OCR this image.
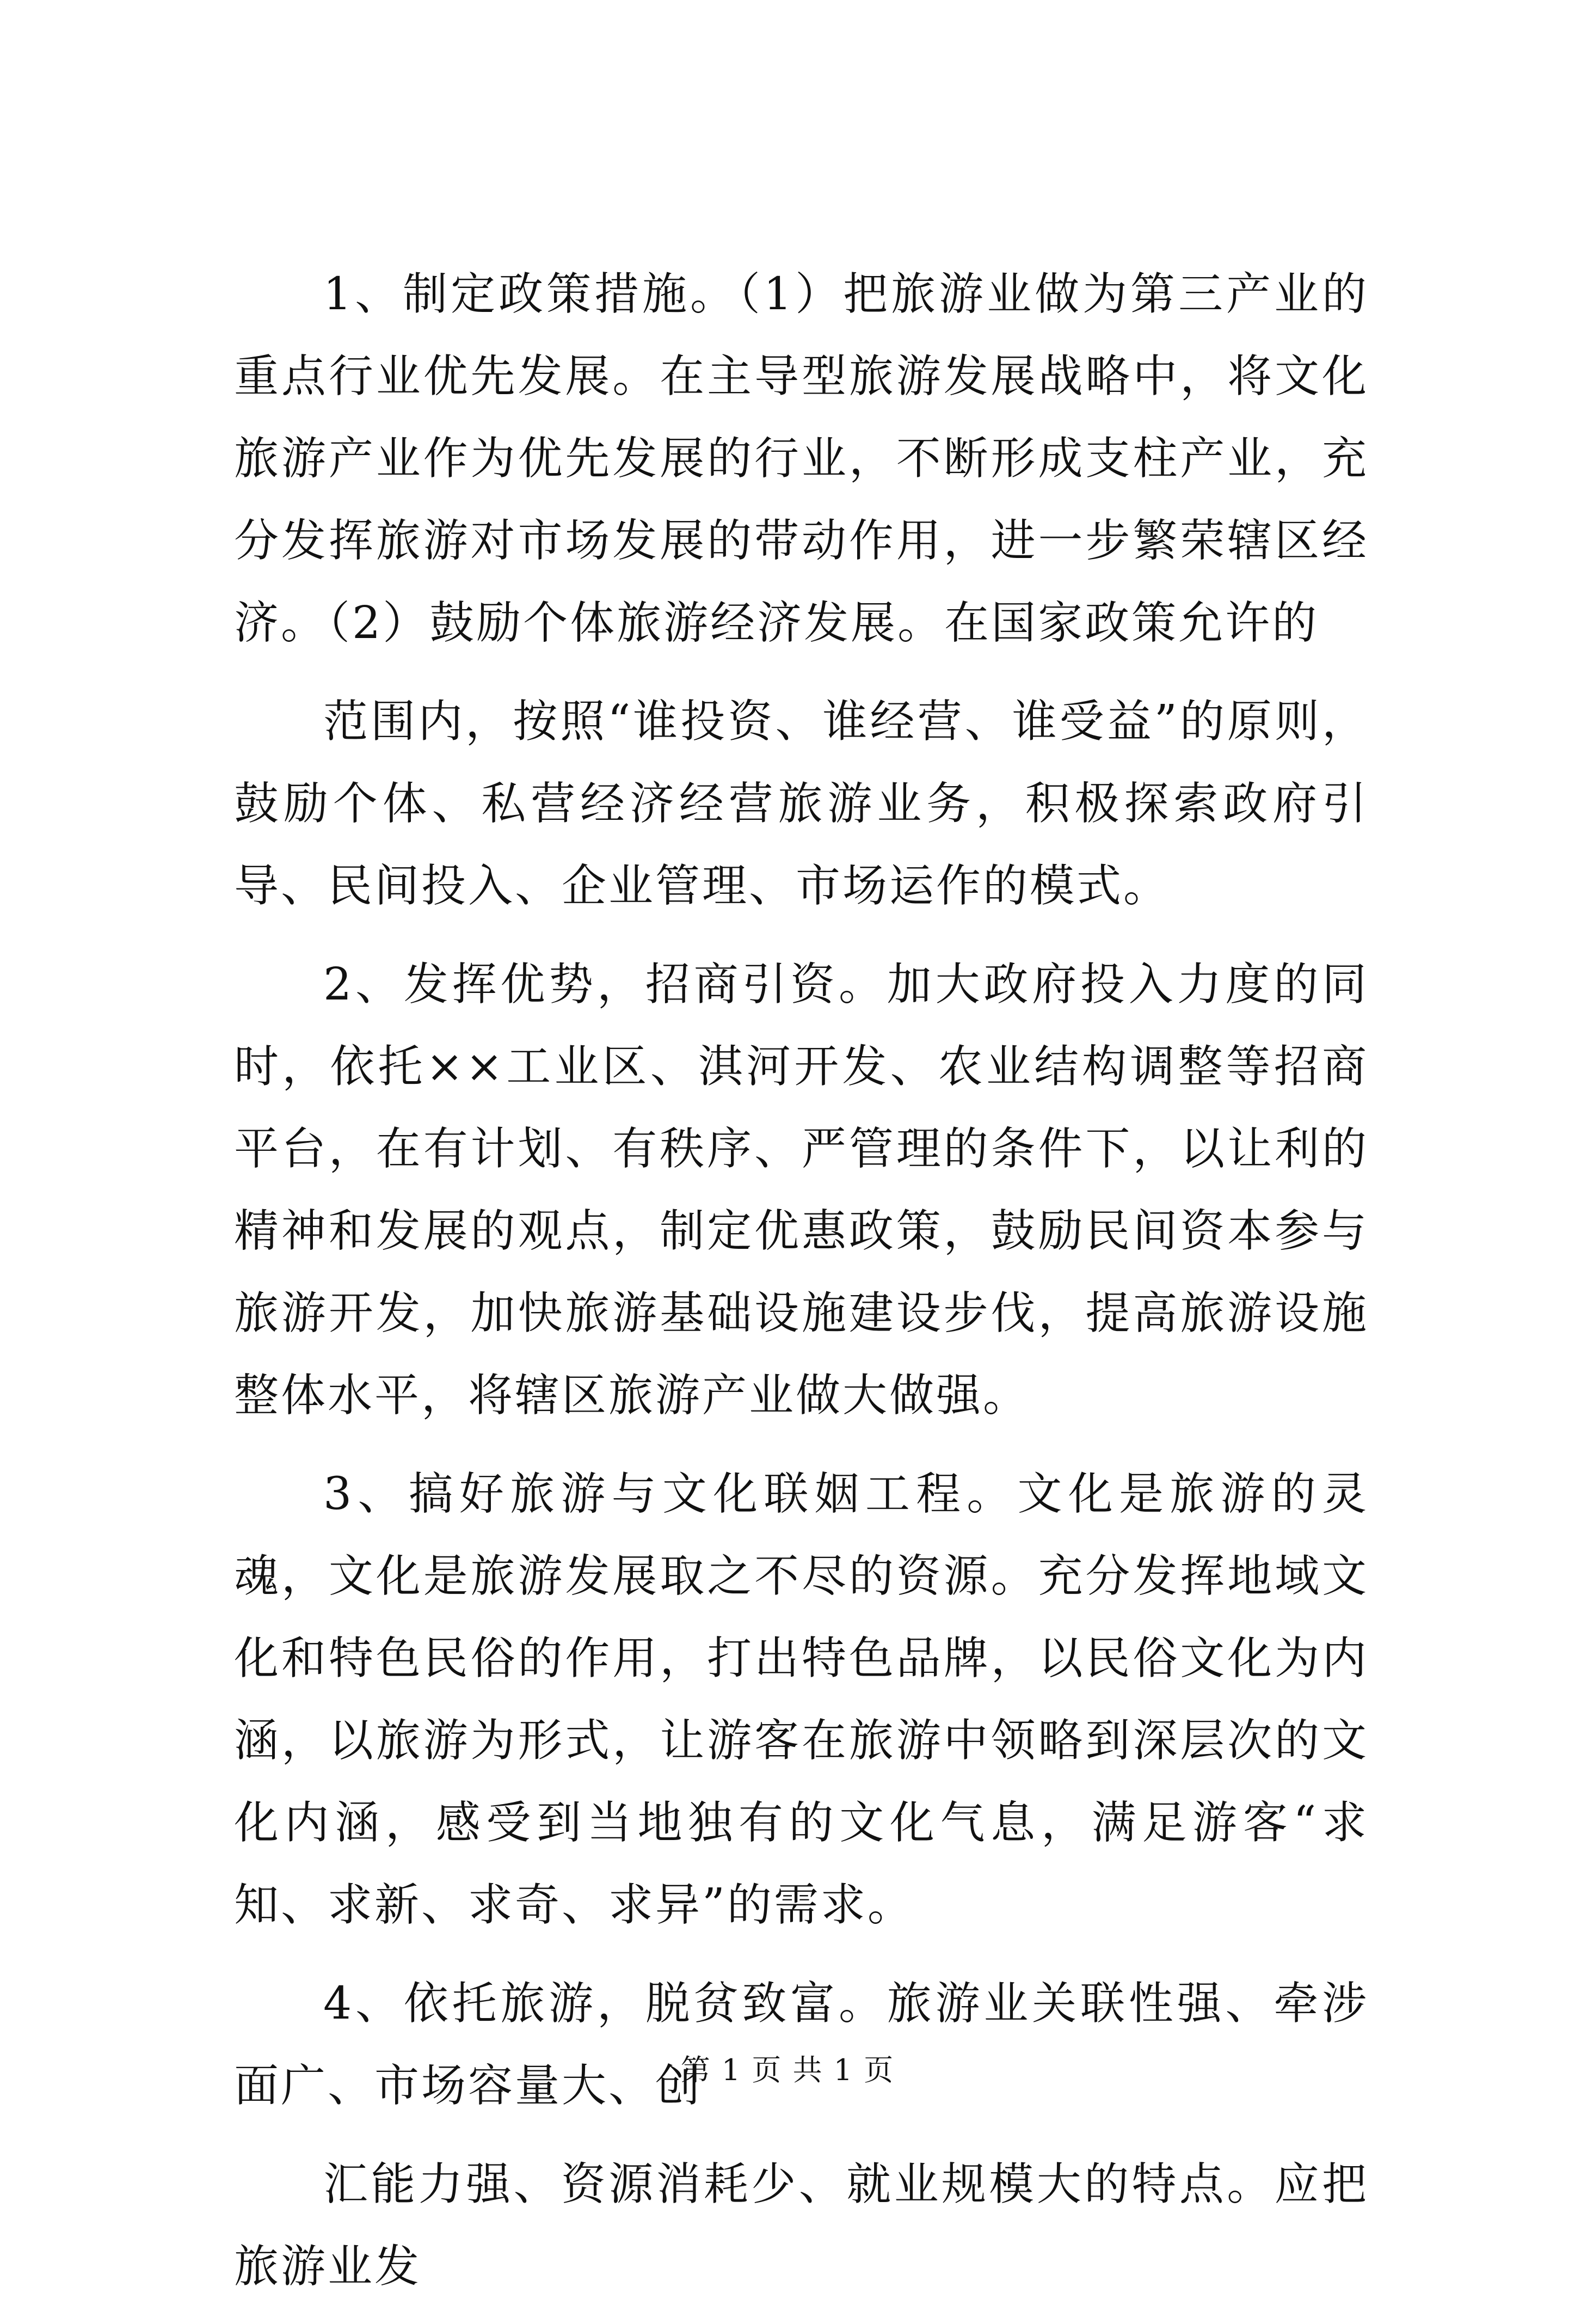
1、制定政策措施。（1）把旅游业做为第三产业的重点行业优先发展。在主导型旅游发展战略中，将文化旅游产业作为优先发展的行业，不断形成支柱产业，充分发挥旅游对市场发展的带动作用，进一步繁荣辖区经济。（2）鼓励个体旅游经济发展。在国家政策允许的

范围内，按照“谁投资、谁经营、谁受益”的原则，鼓励个体、私营经济经营旅游业务，积极探索政府引导、民间投入、企业管理、市场运作的模式。

2、发挥优势，招商引资。加大政府投入力度的同时，依托××工业区、淇河开发、农业结构调整等招商平台，在有计划、有秩序、严管理的条件下，以让利的精神和发展的观点，制定优惠政策，鼓励民间资本参与旅游开发，加快旅游基础设施建设步伐，提高旅游设施整体水平，将辖区旅游产业做大做强。

3、搞好旅游与文化联姻工程。文化是旅游的灵魂，文化是旅游发展取之不尽的资源。充分发挥地域文化和特色民俗的作用，打出特色品牌，以民俗文化为内涵，以旅游为形式，让游客在旅游中领略到深层次的文化内涵，感受到当地独有的文化气息，满足游客“求知、求新、求奇、求异”的需求。

4、依托旅游，脱贫致富。旅游业关联性强、牵涉面广、市场容量大、创

汇能力强、资源消耗少、就业规模大的特点。应把旅游业发

第 1 页 共 1 页
